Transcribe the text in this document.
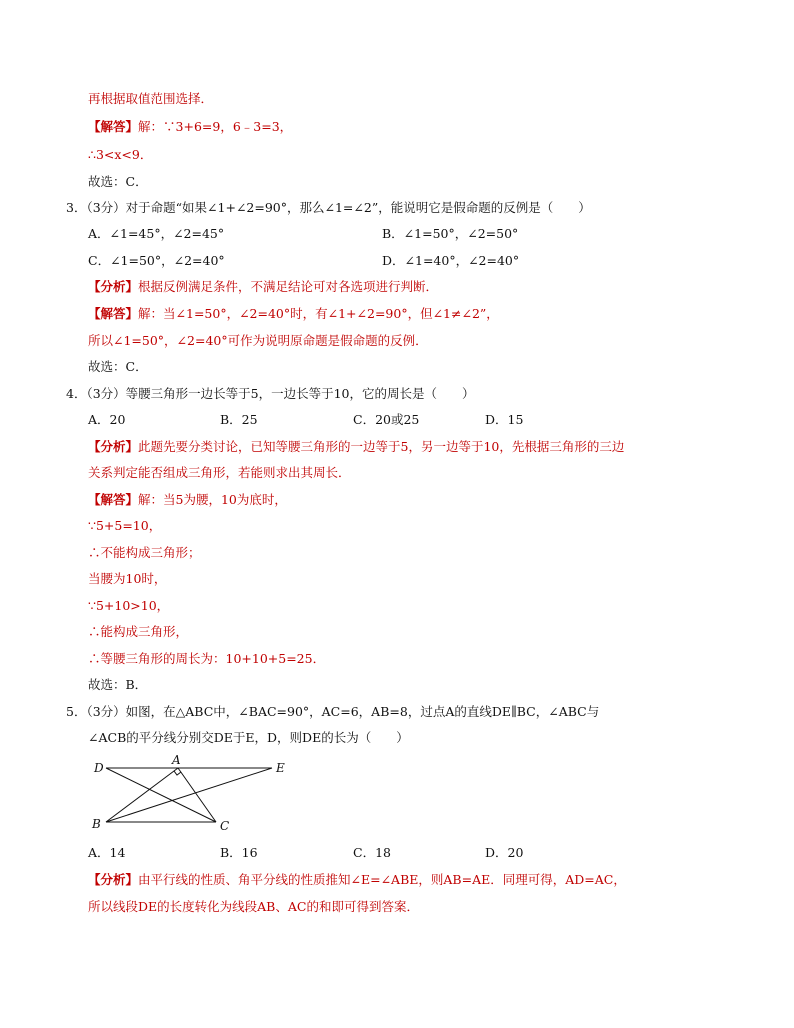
再根据取值范围选择．
【解答】解：∵3+6=9，6﹣3=3，
∴3<x<9．
故选：C．
3．（3分）对于命题“如果∠1+∠2=90°，那么∠1=∠2”，能说明它是假命题的反例是（　　）
A．∠1=45°，∠2=45°	B．∠1=50°，∠2=50°
C．∠1=50°，∠2=40°	D．∠1=40°，∠2=40°
【分析】根据反例满足条件，不满足结论可对各选项进行判断．
【解答】解：当∠1=50°，∠2=40°时，有∠1+∠2=90°，但∠1≠∠2”，
所以∠1=50°，∠2=40°可作为说明原命题是假命题的反例．
故选：C．
4．（3分）等腰三角形一边长等于5，一边长等于10，它的周长是（　　）
A．20	B．25	C．20或25	D．15
【分析】此题先要分类讨论，已知等腰三角形的一边等于5，另一边等于10，先根据三角形的三边
关系判定能否组成三角形，若能则求出其周长．
【解答】解：当5为腰，10为底时，
∵5+5=10，
∴不能构成三角形；
当腰为10时，
∵5+10>10，
∴能构成三角形，
∴等腰三角形的周长为：10+10+5=25．
故选：B．
5．（3分）如图，在△ABC中，∠BAC=90°，AC=6，AB=8，过点A的直线DE∥BC，∠ABC与
∠ACB的平分线分别交DE于E，D，则DE的长为（　　）
D
A
E
B	C
A．14	B．16	C．18	D．20
【分析】由平行线的性质、角平分线的性质推知∠E=∠ABE，则AB=AE．同理可得，AD=AC，
所以线段DE的长度转化为线段AB、AC的和即可得到答案．
